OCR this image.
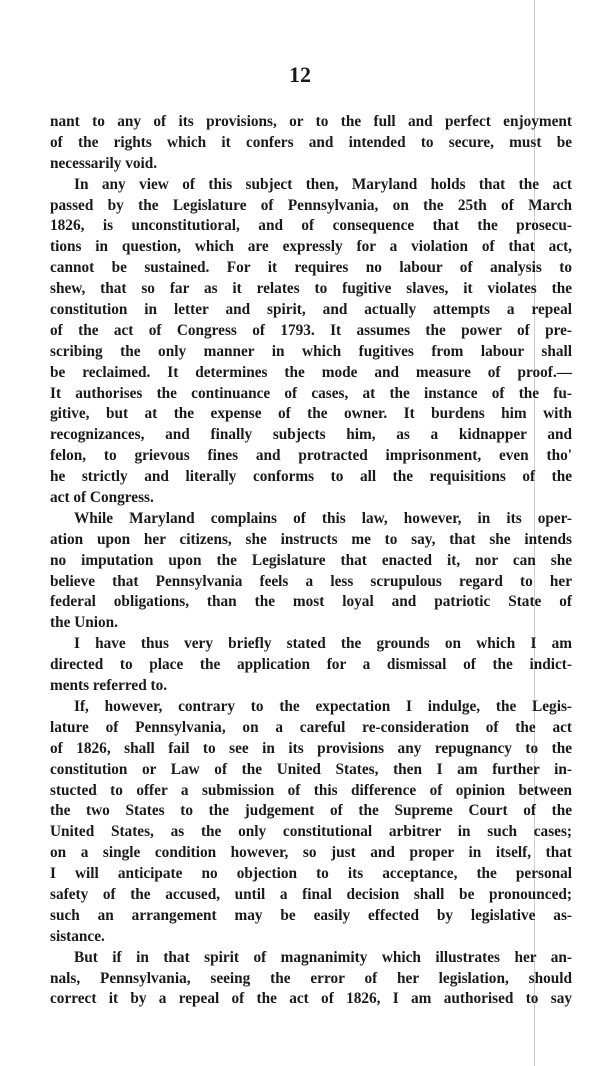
12
nant to any of its provisions, or to the full and perfect enjoyment
of the rights which it confers and intended to secure, must be
necessarily void.
In any view of this subject then, Maryland holds that the act
passed by the Legislature of Pennsylvania, on the 25th of March
1826, is unconstitutioral, and of consequence that the prosecu-
tions in question, which are expressly for a violation of that act,
cannot be sustained. For it requires no labour of analysis to
shew, that so far as it relates to fugitive slaves, it violates the
constitution in letter and spirit, and actually attempts a repeal
of the act of Congress of 1793. It assumes the power of pre-
scribing the only manner in which fugitives from labour shall
be reclaimed. It determines the mode and measure of proof.—
It authorises the continuance of cases, at the instance of the fu-
gitive, but at the expense of the owner. It burdens him with
recognizances, and finally subjects him, as a kidnapper and
felon, to grievous fines and protracted imprisonment, even tho'
he strictly and literally conforms to all the requisitions of the
act of Congress.
While Maryland complains of this law, however, in its oper-
ation upon her citizens, she instructs me to say, that she intends
no imputation upon the Legislature that enacted it, nor can she
believe that Pennsylvania feels a less scrupulous regard to her
federal obligations, than the most loyal and patriotic State of
the Union.
I have thus very briefly stated the grounds on which I am
directed to place the application for a dismissal of the indict-
ments referred to.
If, however, contrary to the expectation I indulge, the Legis-
lature of Pennsylvania, on a careful re-consideration of the act
of 1826, shall fail to see in its provisions any repugnancy to the
constitution or Law of the United States, then I am further in-
stucted to offer a submission of this difference of opinion between
the two States to the judgement of the Supreme Court of the
United States, as the only constitutional arbitrer in such cases;
on a single condition however, so just and proper in itself, that
I will anticipate no objection to its acceptance, the personal
safety of the accused, until a final decision shall be pronounced;
such an arrangement may be easily effected by legislative as-
sistance.
But if in that spirit of magnanimity which illustrates her an-
nals, Pennsylvania, seeing the error of her legislation, should
correct it by a repeal of the act of 1826, I am authorised to say
